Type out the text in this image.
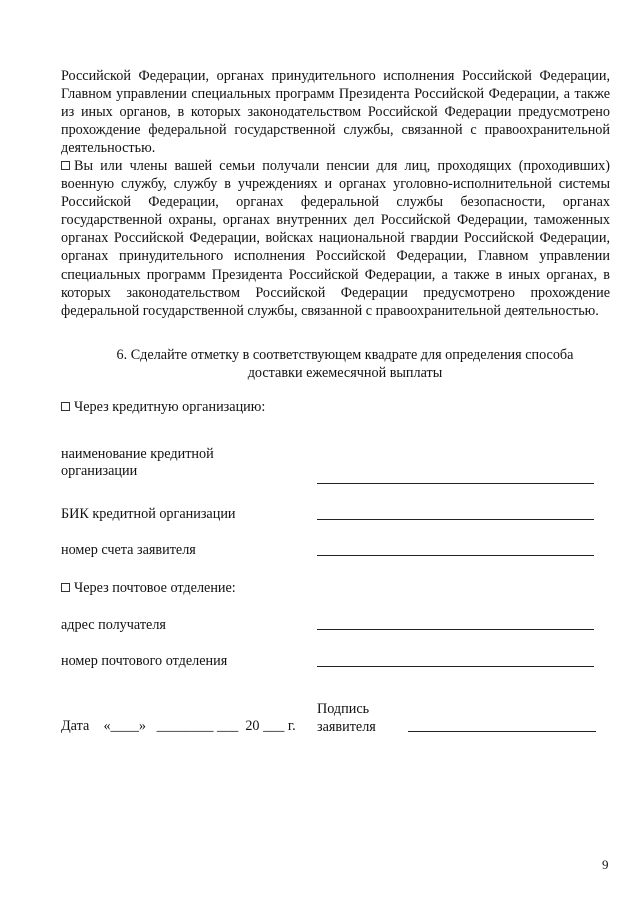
Российской Федерации, органах принудительного исполнения Российской Федерации, Главном управлении специальных программ Президента Российской Федерации, а также из иных органов, в которых законодательством Российской Федерации предусмотрено прохождение федеральной государственной службы, связанной с правоохранительной деятельностью.
Вы или члены вашей семьи получали пенсии для лиц, проходящих (проходивших) военную службу, службу в учреждениях и органах уголовно-исполнительной системы Российской Федерации, органах федеральной службы безопасности, органах государственной охраны, органах внутренних дел Российской Федерации, таможенных органах Российской Федерации, войсках национальной гвардии Российской Федерации, органах принудительного исполнения Российской Федерации, Главном управлении специальных программ Президента Российской Федерации, а также в иных органах, в которых законодательством Российской Федерации предусмотрено прохождение федеральной государственной службы, связанной с правоохранительной деятельностью.
6. Сделайте отметку в соответствующем квадрате для определения способа
доставки ежемесячной выплаты
Через кредитную организацию:
наименование кредитной
организации
БИК кредитной организации
номер счета заявителя
Через почтовое отделение:
адрес получателя
номер почтового отделения
Дата    «____»   ________ ___  20 ___ г.
Подпись
заявителя
9
